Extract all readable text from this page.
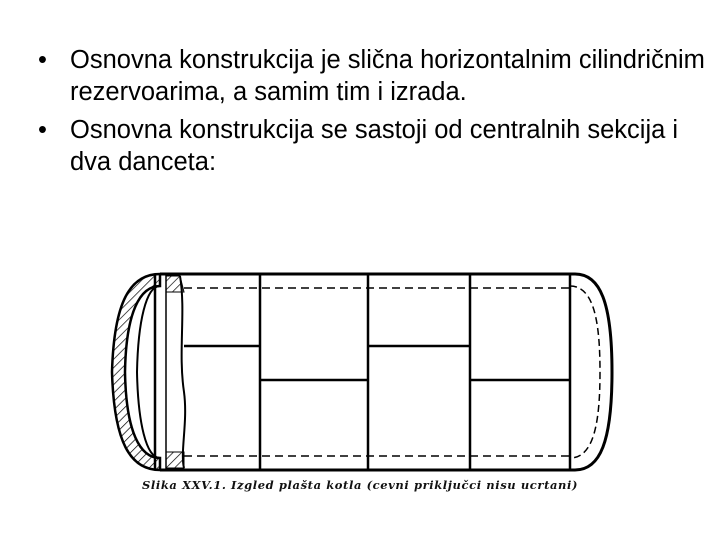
• Osnovna konstrukcija je slična horizontalnim cilindričnim rezervoarima, a samim tim i izrada.
• Osnovna konstrukcija se sastoji od centralnih sekcija i dva danceta:
Slika XXV.1. Izgled plašta kotla (cevni priključci nisu ucrtani)
